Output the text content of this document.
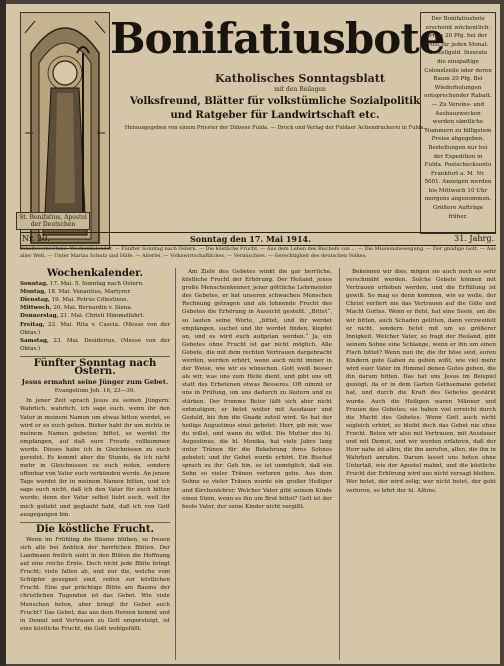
Bonifatiusbote
Katholisches Sonntagsblatt
mit den Beilagen
Volksfreund, Blätter für volkstümliche Sozialpolitik
und Ratgeber für Landwirtschaft etc.
Herausgegeben von einem Priester der Diözese Fulda. — Druck und Verlag der Fuldaer Actiendruckerei in Fulda.
St. Bonifatius, Apostel der Deutschen
Der Bonifatiusbote erscheint wöchentlich. Preis 20 Pfg. bei der Post für jeden Monat. Bestellgeld. Inserate die einspaltige Colonelzeile oder deren Raum 20 Pfg. Bei Wiederholungen entsprechender Rabatt. — Zu Vereins- und Ausbauzwecken werden sämtliche Nummern zu billigstem Preise abgegeben. Bestellungen nur bei der Expedition in Fulda. Postschecksonto Frankfurt a. M. Nr. 5001. Anzeigen werden bis Mittwoch 10 Uhr morgens angenommen. Größere Aufträge früher.
Nr. 20.	Sonntag den 17. Mai 1914.	31. Jahrg.
Inhaltsverzeichnis: Wochenkalender. — Fünfter Sonntag nach Ostern. — Die köstliche Frucht. — Aus dem Leben des Bischofs von ... — Die Missionsbewegung. — Der gnädige Gott. — Aus aller Welt. — Unter Marias Schutz und Hilfe. — Allerlei. — Volkswirtschaftliches. — Vermischtes. — Gerechtigkeit des deutschen Volkes.
Wochenkalender.
Sonntag, 17. Mai. 5. Sonntag nach Ostern.
Montag, 18. Mai. Venantius, Martyrer.
Dienstag, 19. Mai. Petrus Cölestinus.
Mittwoch, 20. Mai. Bernardin v. Siena.
Donnerstag, 21. Mai. Christi Himmelfahrt.
Freitag, 22. Mai. Rita v. Cascia. (Messe von der Oktav.)
Samstag, 23. Mai. Desiderius. (Messe von der Oktav.)
Fünfter Sonntag nach Ostern.
Jesus ermahnt seine Jünger zum Gebet.
Evangelium Joh. 16, 23—30.

In jener Zeit sprach Jesus zu seinen Jüngern: Wahrlich, wahrlich, ich sage euch, wenn ihr den Vater in meinem Namen um etwas bitten werdet, so wird er es euch geben. Bisher habt ihr um nichts in meinem Namen gebeten; bittet, so werdet ihr empfangen, auf daß eure Freude vollkommen werde. Dieses habe ich in Gleichnissen zu euch geredet. Es kommt aber die Stunde, da ich nicht mehr in Gleichnissen zu euch reden, sondern offenbar von Vater euch verkünden werde. An jenem Tage werdet ihr in meinem Namen bitten, und ich sage euch nicht, daß ich den Vater für euch bitten werde; denn der Vater selbst liebt euch, weil ihr mich geliebt und geglaubt habt, daß ich von Gott ausgegangen bin.

Die köstliche Frucht.

Wenn im Frühling die Bäume blühen, so freuen sich alle bei Anblick der herrlichen Blüten. Der Landmann freilich sieht in den Blüten die Hoffnung auf eine reiche Ernte. Doch nicht jede Blüte bringt Frucht; viele fallen ab, und nur die, welche vom Schöpfer gesegnet sind, reifen zur köstlichen Frucht. Eine gar prächtige Blüte am Baume der christlichen Tugenden ist das Gebet. Wie viele Menschen beten, aber bringt ihr Gebet auch Frucht? Das Gebet, das aus dem Herzen kommt und in Demut und Vertrauen zu Gott emporsteigt, ist eine köstliche Frucht, die Gott wohlgefällt.

Am Ziele des Gebetes winkt die gar herrliche, köstliche Frucht der Erhörung. Der Heiland, jenes große Menschenkenner, jener göttliche Lehrmeister des Gebetes, er hat unseren schwachen Menschen Rechnung getragen und als lohnende Frucht des Gebetes die Erhörung in Aussicht gestellt. „Bittet“, so lauten seine Worte, „bittet, und ihr werdet empfangen, suchet und ihr werdet finden, klopfet an, und es wird euch aufgetan werden.“ Ja, ein Gebetes ohne Frucht ist gar nicht möglich. Alle Gebete, die mit dem rechten Vertrauen dargebracht werden, werden erhört, wenn auch nicht immer in der Weise, wie wir es wünschen. Gott weiß besser als wir, was uns zum Heile dient, und gibt uns oft statt des Erbetenen etwas Besseres. Oft nimmt er uns in Prüfung, um uns dadurch zu läutern und zu stärken. Der fromme Beter läßt sich aber nicht entmutigen; er betet weiter mit Ausdauer und Geduld, bis ihm die Gnade zuteil wird. So hat der heilige Augustinus einst gebetet: Herr, gib mir, was du willst, und wann du willst. Die Mutter des hl. Augustinus, die hl. Monika, hat viele Jahre lang unter Tränen für die Bekehrung ihres Sohnes gebetet; und ihr Gebet wurde erhört. Ein Bischof sprach zu ihr: Geh hin, es ist unmöglich, daß ein Sohn so vieler Tränen verloren gehe. Aus dem Sohne so vieler Tränen wurde ein großer Heiliger und Kirchenlehrer. Welcher Vater gibt seinem Kinde einen Stein, wenn es ihn um Brot bittet? Gott ist der beste Vater, der seine Kinder nicht vergißt.

Bekennen wir dies, mögen sie auch noch so sehr verschmäht werden. Solche Gebete können mit Vertrauen erhoben werden, und die Erfüllung ist gewiß. So mag es denn kommen, wie es wolle, der Christ verliert nie das Vertrauen auf die Güte und Macht Gottes. Wenn er fleht, hat eine Seele, um die wir bitten, auch Schaden gelitten, dann verzweifelt er nicht, sondern betet mit um so größerer Innigkeit. Welcher Vater, so fragt der Heiland, gibt seinem Sohne eine Schlange, wenn er ihn um einen Fisch bittet? Wenn nun ihr, die ihr böse seid, euren Kindern gute Gaben zu geben wißt, wie viel mehr wird euer Vater im Himmel denen Gutes geben, die ihn darum bitten. Das hat uns Jesus im Beispiel gezeigt, da er in dem Garten Gethsemane gebetet hat, und durch die Kraft des Gebetes gestärkt wurde. Auch die Heiligen waren Männer und Frauen des Gebetes; sie haben viel erreicht durch die Macht des Gebetes. Wenn Gott auch nicht sogleich erhört, so bleibt doch das Gebet nie ohne Frucht. Beten wir also mit Vertrauen, mit Ausdauer und mit Demut, und wir werden erfahren, daß der Herr nahe ist allen, die ihn anrufen, allen, die ihn in Wahrheit anrufen. Darum lasset uns beten ohne Unterlaß, wie der Apostel mahnt, und die köstliche Frucht der Erhörung wird uns nicht versagt bleiben. Wer betet, der wird selig; wer nicht betet, der geht verloren, so lehrt der hl. Alfons.
